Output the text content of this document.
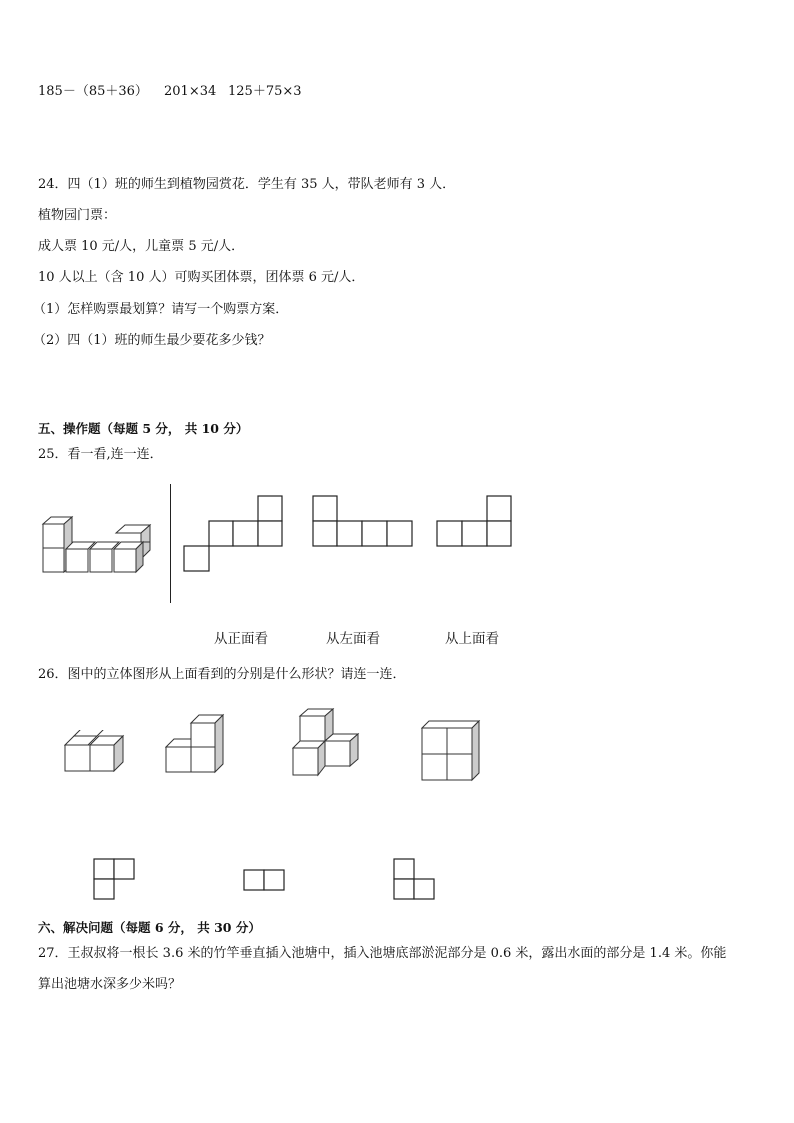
185－（85＋36） 201×34 125＋75×3
24．四（1）班的师生到植物园赏花．学生有 35 人，带队老师有 3 人．
植物园门票：
成人票 10 元/人，儿童票 5 元/人．
10 人以上（含 10 人）可购买团体票，团体票 6 元/人．
（1）怎样购票最划算？请写一个购票方案．
（2）四（1）班的师生最少要花多少钱？
五、操作题（每题 5 分， 共 10 分）
25．看一看,连一连．
从正面看	从左面看	从上面看
26．图中的立体图形从上面看到的分别是什么形状？请连一连．
六、解决问题（每题 6 分， 共 30 分）
27．王叔叔将一根长 3.6 米的竹竿垂直插入池塘中，插入池塘底部淤泥部分是 0.6 米，露出水面的部分是 1.4 米。你能
算出池塘水深多少米吗？
